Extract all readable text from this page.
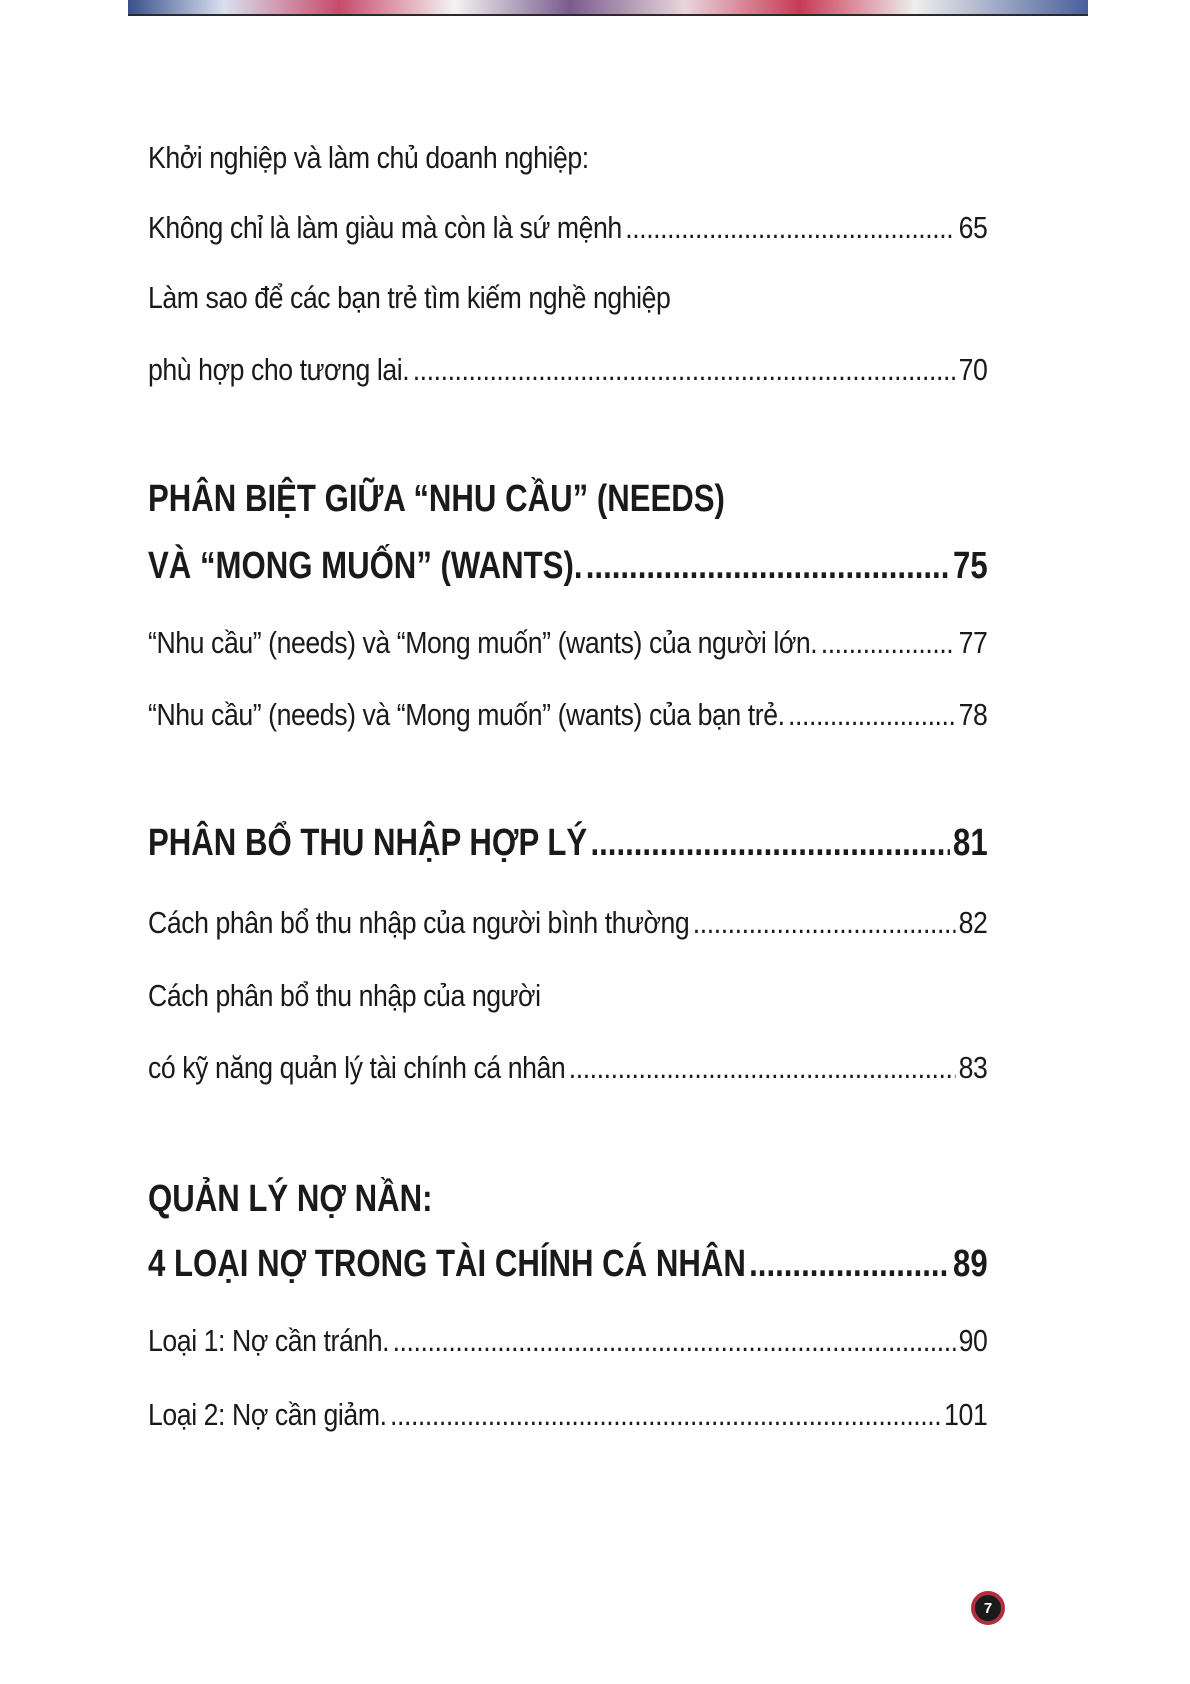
Khởi nghiệp và làm chủ doanh nghiệp:
Không chỉ là làm giàu mà còn là sứ mệnh .....	65
Làm sao để các bạn trẻ tìm kiếm nghề nghiệp
phù hợp cho tương lai. .....	70
PHÂN BIỆT GIỮA “NHU CẦU” (NEEDS)
VÀ “MONG MUỐN” (WANTS). .....	75
“Nhu cầu” (needs) và “Mong muốn” (wants) của người lớn. .....	77
“Nhu cầu” (needs) và “Mong muốn” (wants) của bạn trẻ. .....	78
PHÂN BỔ THU NHẬP HỢP LÝ .....	81
Cách phân bổ thu nhập của người bình thường .....	82
Cách phân bổ thu nhập của người
có kỹ năng quản lý tài chính cá nhân .....	83
QUẢN LÝ NỢ NẦN:
4 LOẠI NỢ TRONG TÀI CHÍNH CÁ NHÂN .....	89
Loại 1: Nợ cần tránh. .....	90
Loại 2: Nợ cần giảm. .....	101
7
